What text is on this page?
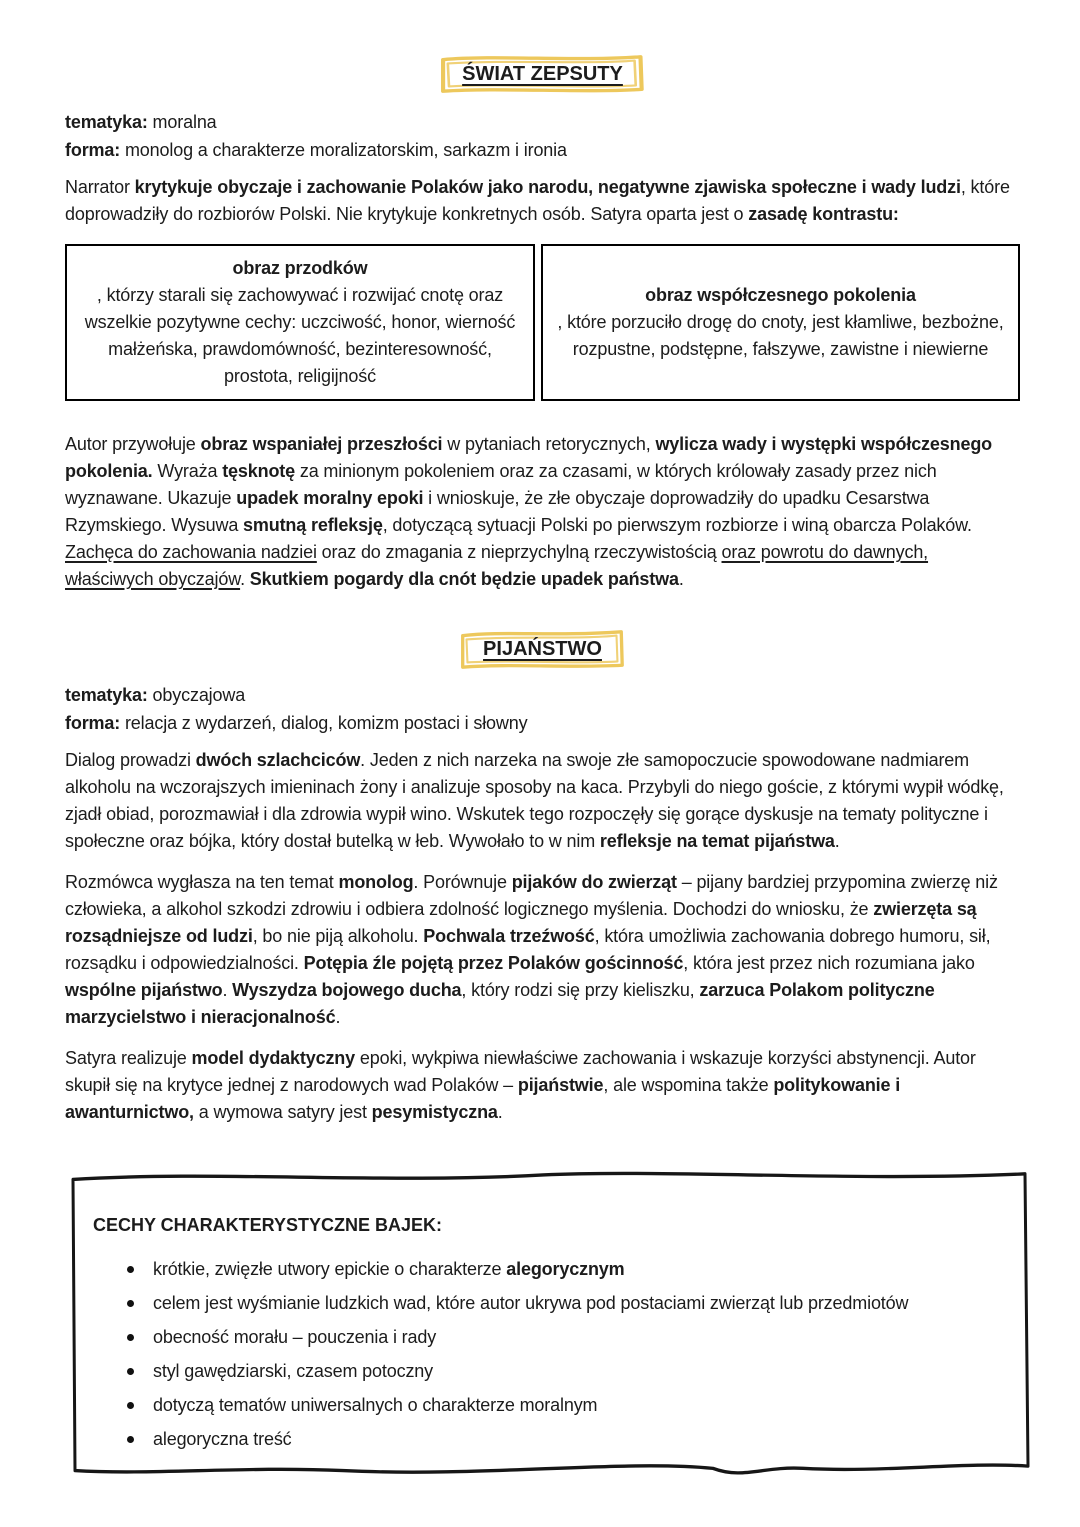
ŚWIAT ZEPSUTY
tematyka: moralna
forma: monolog a charakterze moralizatorskim, sarkazm i ironia

Narrator krytykuje obyczaje i zachowanie Polaków jako narodu, negatywne zjawiska społeczne i wady ludzi, które doprowadziły do rozbiorów Polski. Nie krytykuje konkretnych osób. Satyra oparta jest o zasadę kontrastu:

obraz przodków
, którzy starali się zachowywać i rozwijać cnotę oraz wszelkie pozytywne cechy: uczciwość, honor, wierność małżeńska, prawdomówność, bezinteresowność, prostota, religijność
obraz współczesnego pokolenia
, które porzuciło drogę do cnoty, jest kłamliwe, bezbożne, rozpustne, podstępne, fałszywe, zawistne i niewierne

Autor przywołuje obraz wspaniałej przeszłości w pytaniach retorycznych, wylicza wady i występki współczesnego pokolenia. Wyraża tęsknotę za minionym pokoleniem oraz za czasami, w których królowały zasady przez nich wyznawane. Ukazuje upadek moralny epoki i wnioskuje, że złe obyczaje doprowadziły do upadku Cesarstwa Rzymskiego. Wysuwa smutną refleksję, dotyczącą sytuacji Polski po pierwszym rozbiorze i winą obarcza Polaków. Zachęca do zachowania nadziei oraz do zmagania z nieprzychylną rzeczywistością oraz powrotu do dawnych, właściwych obyczajów. Skutkiem pogardy dla cnót będzie upadek państwa.

PIJAŃSTWO
tematyka: obyczajowa
forma: relacja z wydarzeń, dialog, komizm postaci i słowny

Dialog prowadzi dwóch szlachciców. Jeden z nich narzeka na swoje złe samopoczucie spowodowane nadmiarem alkoholu na wczorajszych imieninach żony i analizuje sposoby na kaca. Przybyli do niego goście, z którymi wypił wódkę, zjadł obiad, porozmawiał i dla zdrowia wypił wino. Wskutek tego rozpoczęły się gorące dyskusje na tematy polityczne i społeczne oraz bójka, który dostał butelką w łeb. Wywołało to w nim refleksje na temat pijaństwa.

Rozmówca wygłasza na ten temat monolog. Porównuje pijaków do zwierząt – pijany bardziej przypomina zwierzę niż człowieka, a alkohol szkodzi zdrowiu i odbiera zdolność logicznego myślenia. Dochodzi do wniosku, że zwierzęta są rozsądniejsze od ludzi, bo nie piją alkoholu. Pochwala trzeźwość, która umożliwia zachowania dobrego humoru, sił, rozsądku i odpowiedzialności. Potępia źle pojętą przez Polaków gościnność, która jest przez nich rozumiana jako wspólne pijaństwo. Wyszydza bojowego ducha, który rodzi się przy kieliszku, zarzuca Polakom polityczne marzycielstwo i nieracjonalność.

Satyra realizuje model dydaktyczny epoki, wykpiwa niewłaściwe zachowania i wskazuje korzyści abstynencji. Autor skupił się na krytyce jednej z narodowych wad Polaków – pijaństwie, ale wspomina także politykowanie i awanturnictwo, a wymowa satyry jest pesymistyczna.

CECHY CHARAKTERYSTYCZNE BAJEK:
krótkie, zwięzłe utwory epickie o charakterze alegorycznym
celem jest wyśmianie ludzkich wad, które autor ukrywa pod postaciami zwierząt lub przedmiotów
obecność morału – pouczenia i rady
styl gawędziarski, czasem potoczny
dotyczą tematów uniwersalnych o charakterze moralnym
alegoryczna treść
